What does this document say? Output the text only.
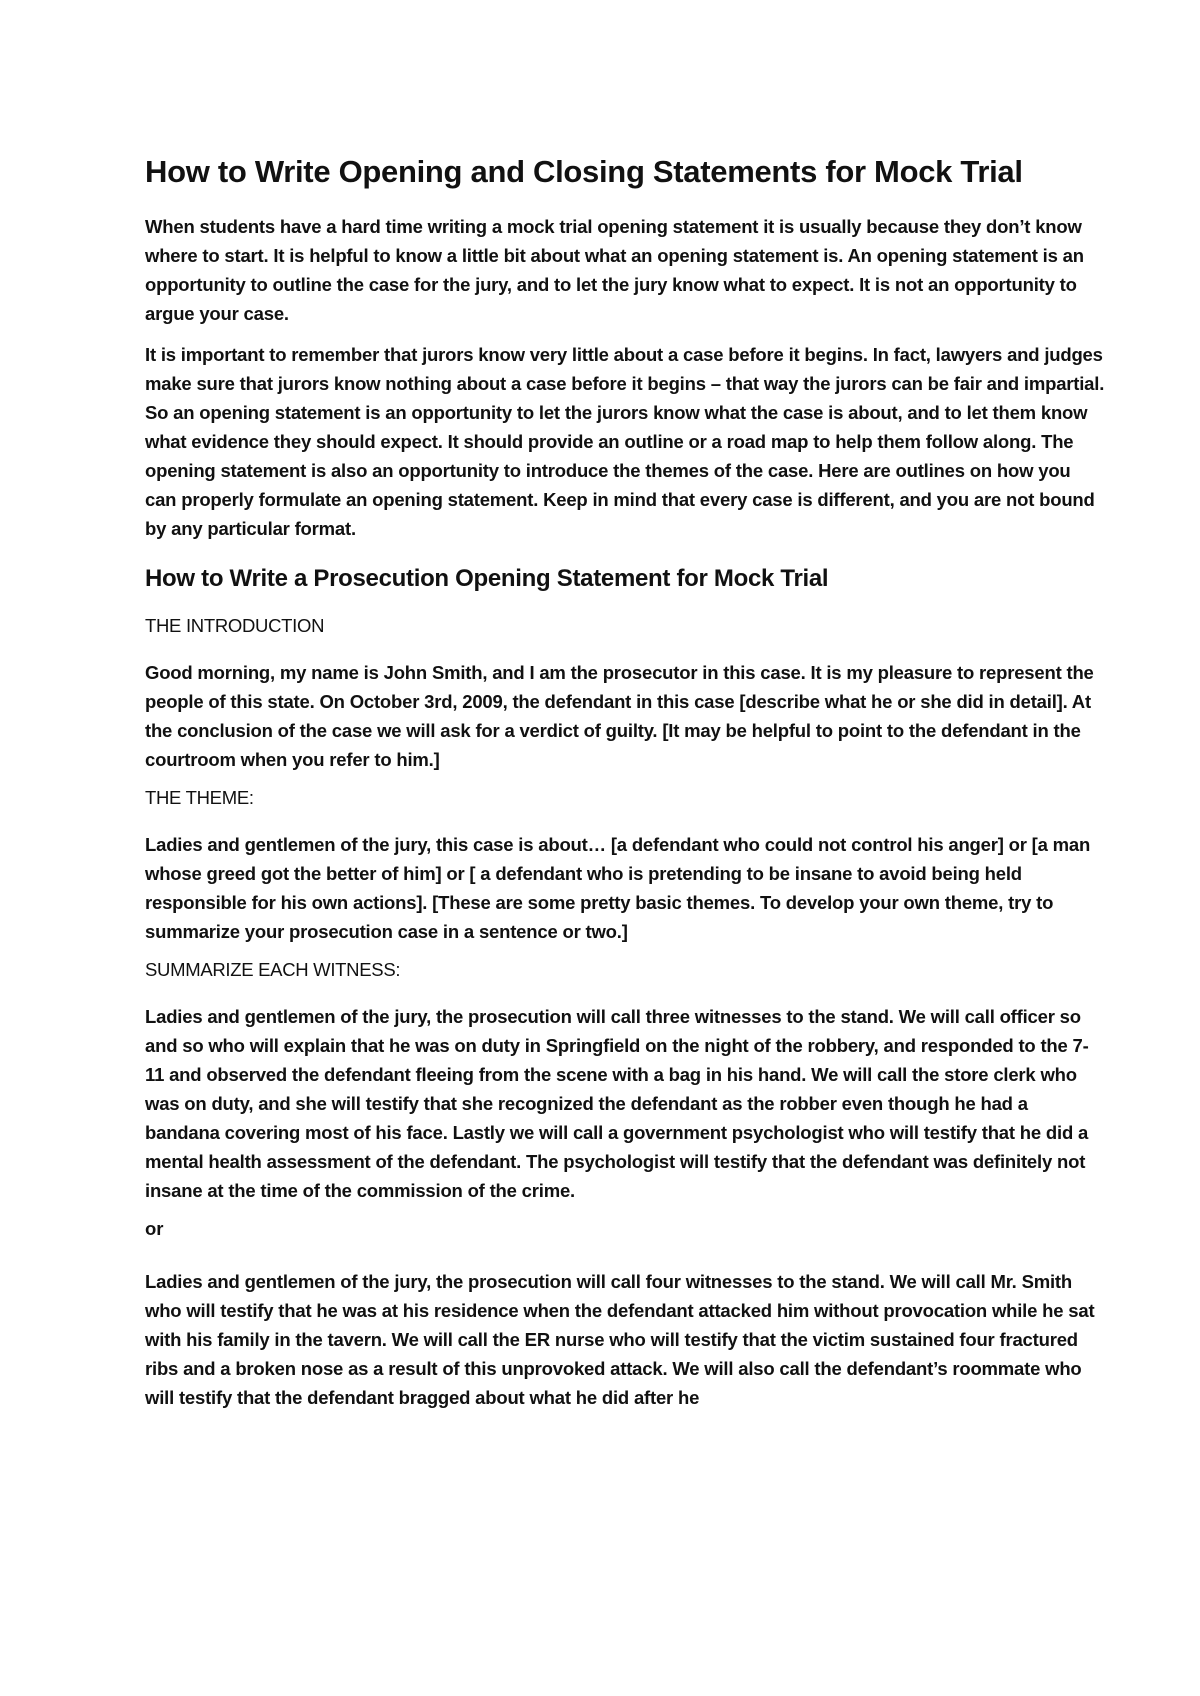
How to Write Opening and Closing Statements for Mock Trial

When students have a hard time writing a mock trial opening statement it is usually because they don’t know where to start. It is helpful to know a little bit about what an opening statement is. An opening statement is an opportunity to outline the case for the jury, and to let the jury know what to expect. It is not an opportunity to argue your case.

It is important to remember that jurors know very little about a case before it begins. In fact, lawyers and judges make sure that jurors know nothing about a case before it begins – that way the jurors can be fair and impartial. So an opening statement is an opportunity to let the jurors know what the case is about, and to let them know what evidence they should expect. It should provide an outline or a road map to help them follow along. The opening statement is also an opportunity to introduce the themes of the case. Here are outlines on how you can properly formulate an opening statement. Keep in mind that every case is different, and you are not bound by any particular format.

How to Write a Prosecution Opening Statement for Mock Trial

THE INTRODUCTION

Good morning, my name is John Smith, and I am the prosecutor in this case. It is my pleasure to represent the people of this state. On October 3rd, 2009, the defendant in this case [describe what he or she did in detail]. At the conclusion of the case we will ask for a verdict of guilty. [It may be helpful to point to the defendant in the courtroom when you refer to him.]

THE THEME:

Ladies and gentlemen of the jury, this case is about… [a defendant who could not control his anger] or [a man whose greed got the better of him] or [ a defendant who is pretending to be insane to avoid being held responsible for his own actions]. [These are some pretty basic themes. To develop your own theme, try to summarize your prosecution case in a sentence or two.]

SUMMARIZE EACH WITNESS:

Ladies and gentlemen of the jury, the prosecution will call three witnesses to the stand. We will call officer so and so who will explain that he was on duty in Springfield on the night of the robbery, and responded to the 7-11 and observed the defendant fleeing from the scene with a bag in his hand. We will call the store clerk who was on duty, and she will testify that she recognized the defendant as the robber even though he had a bandana covering most of his face. Lastly we will call a government psychologist who will testify that he did a mental health assessment of the defendant. The psychologist will testify that the defendant was definitely not insane at the time of the commission of the crime.

or

Ladies and gentlemen of the jury, the prosecution will call four witnesses to the stand. We will call Mr. Smith who will testify that he was at his residence when the defendant attacked him without provocation while he sat with his family in the tavern. We will call the ER nurse who will testify that the victim sustained four fractured ribs and a broken nose as a result of this unprovoked attack. We will also call the defendant’s roommate who will testify that the defendant bragged about what he did after he
